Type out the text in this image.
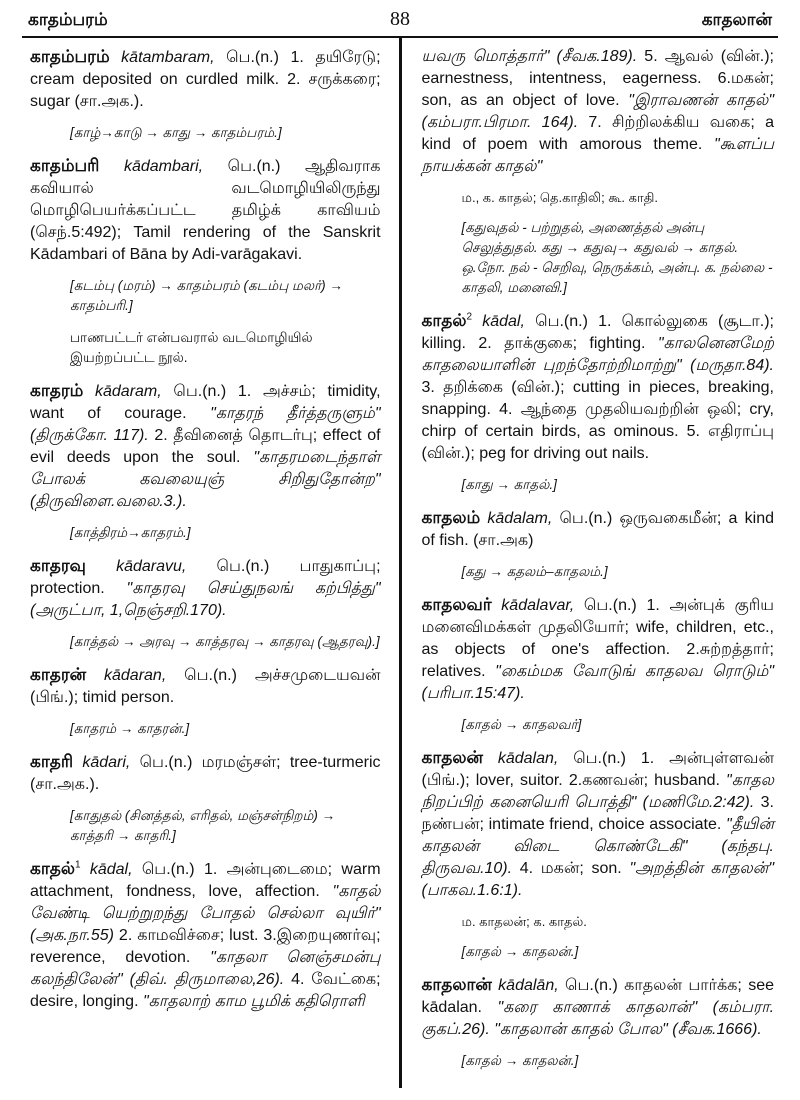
காதம்பரம்	88	காதலான்
காதம்பரம் kātambaram, பெ.(n.) 1. தயிரேடு; cream deposited on curdled milk. 2. சருக்கரை; sugar (சா.அக.).
[காழ்→காடு → காது → காதம்பரம்.]
காதம்பரி kādambari, பெ.(n.) ஆதிவராக கவியால் வடமொழியிலிருந்து மொழிபெயர்க்கப்பட்ட தமிழ்க் காவியம் (செந்.5:492); Tamil rendering of the Sanskrit Kādambari of Bāna by Adi-varāgakavi.
[கடம்பு (மரம்) → காதம்பரம் (கடம்பு மலர்) → காதம்பரி.]
பாணபட்டர் என்பவரால் வடமொழியில் இயற்றப்பட்ட நூல்.
காதரம் kādaram, பெ.(n.) 1. அச்சம்; timidity, want of courage. "காதரந் தீர்த்தருளும்" (திருக்கோ. 117). 2. தீவினைத் தொடர்பு; effect of evil deeds upon the soul. "காதரமடைந்தாள் போலக் கவலையுஞ் சிறிதுதோன்ற" (திருவிளை.வலை.3.).
[காத்திரம்→காதரம்.]
காதரவு kādaravu, பெ.(n.) பாதுகாப்பு; protection. "காதரவு செய்துநலங் கற்பித்து" (அருட்பா, 1,நெஞ்சறி.170).
[காத்தல் → அரவு → காத்தரவு → காதரவு (ஆதரவு).]
காதரன் kādaran, பெ.(n.) அச்சமுடையவன் (பிங்.); timid person.
[காதரம் → காதரன்.]
காதரி kādari, பெ.(n.) மரமஞ்சள்; tree-turmeric (சா.அக.).
[காதுதல் (சினத்தல், எரிதல், மஞ்சள்நிறம்) → காத்தரி → காதரி.]
காதல்$^1$ kādal, பெ.(n.) 1. அன்புடைமை; warm attachment, fondness, love, affection. "காதல் வேண்டி யெற்றுறந்து போதல் செல்லா வுயிர்" (அக.நா.55) 2. காமவிச்சை; lust. 3.இறையுணர்வு; reverence, devotion. "காதலா னெஞ்சமன்பு கலந்திலேன்" (திவ். திருமாலை,26). 4. வேட்கை; desire, longing. "காதலாற் காம பூமிக் கதிரொளி
யவரு மொத்தார்" (சீவக.189). 5. ஆவல் (வின்.); earnestness, intentness, eagerness. 6.மகன்; son, as an object of love. "இராவணன் காதல்" (கம்பரா.பிரமா. 164). 7. சிற்றிலக்கிய வகை; a kind of poem with amorous theme. "கூளப்ப நாயக்கன் காதல்"
ம., க. காதல்; தெ.காதிலி; கூ. காதி.
[கதுவுதல் - பற்றுதல், அணைத்தல் அன்பு செலுத்துதல். கது → கதுவு→ கதுவல் → காதல். ஒ.நோ. நல் - செறிவு, நெருக்கம், அன்பு. க. நல்லை - காதலி, மனைவி.]
காதல்$^2$ kādal, பெ.(n.) 1. கொல்லுகை (சூடா.); killing. 2. தாக்குகை; fighting. "காலனெனமேற் காதலையாளின் புறந்தோற்றிமாற்று" (மருதா.84). 3. தறிக்கை (வின்.); cutting in pieces, breaking, snapping. 4. ஆந்தை முதலியவற்றின் ஒலி; cry, chirp of certain birds, as ominous. 5. எதிராப்பு (வின்.); peg for driving out nails.
[காது → காதல்.]
காதலம் kādalam, பெ.(n.) ஒருவகைமீன்; a kind of fish. (சா.அக)
[கது → கதலம்–காதலம்.]
காதலவர் kādalavar, பெ.(n.) 1. அன்புக் குரிய மனைவிமக்கள் முதலியோர்; wife, children, etc., as objects of one's affection. 2.சுற்றத்தார்; relatives. "கைம்மக வோடுங் காதலவ ரொடும்" (பரிபா.15:47).
[காதல் → காதலவர்]
காதலன் kādalan, பெ.(n.) 1. அன்புள்ளவன் (பிங்.); lover, suitor. 2.கணவன்; husband. "காதல நிறப்பிற் கனையெரி பொத்தி" (மணிமே.2:42). 3. நண்பன்; intimate friend, choice associate. "தீயின் காதலன் விடை கொண்டேகி" (கந்தபு. திருவவ.10). 4. மகன்; son. "அறத்தின் காதலன்" (பாகவ.1.6:1).
ம. காதலன்; க. காதல்.
[காதல் → காதலன்.]
காதலான் kādalān, பெ.(n.) காதலன் பார்க்க; see kādalan. "கரை காணாக் காதலான்" (கம்பரா. குகப்.26). "காதலான் காதல் போல" (சீவக.1666).
[காதல் → காதலன்.]
